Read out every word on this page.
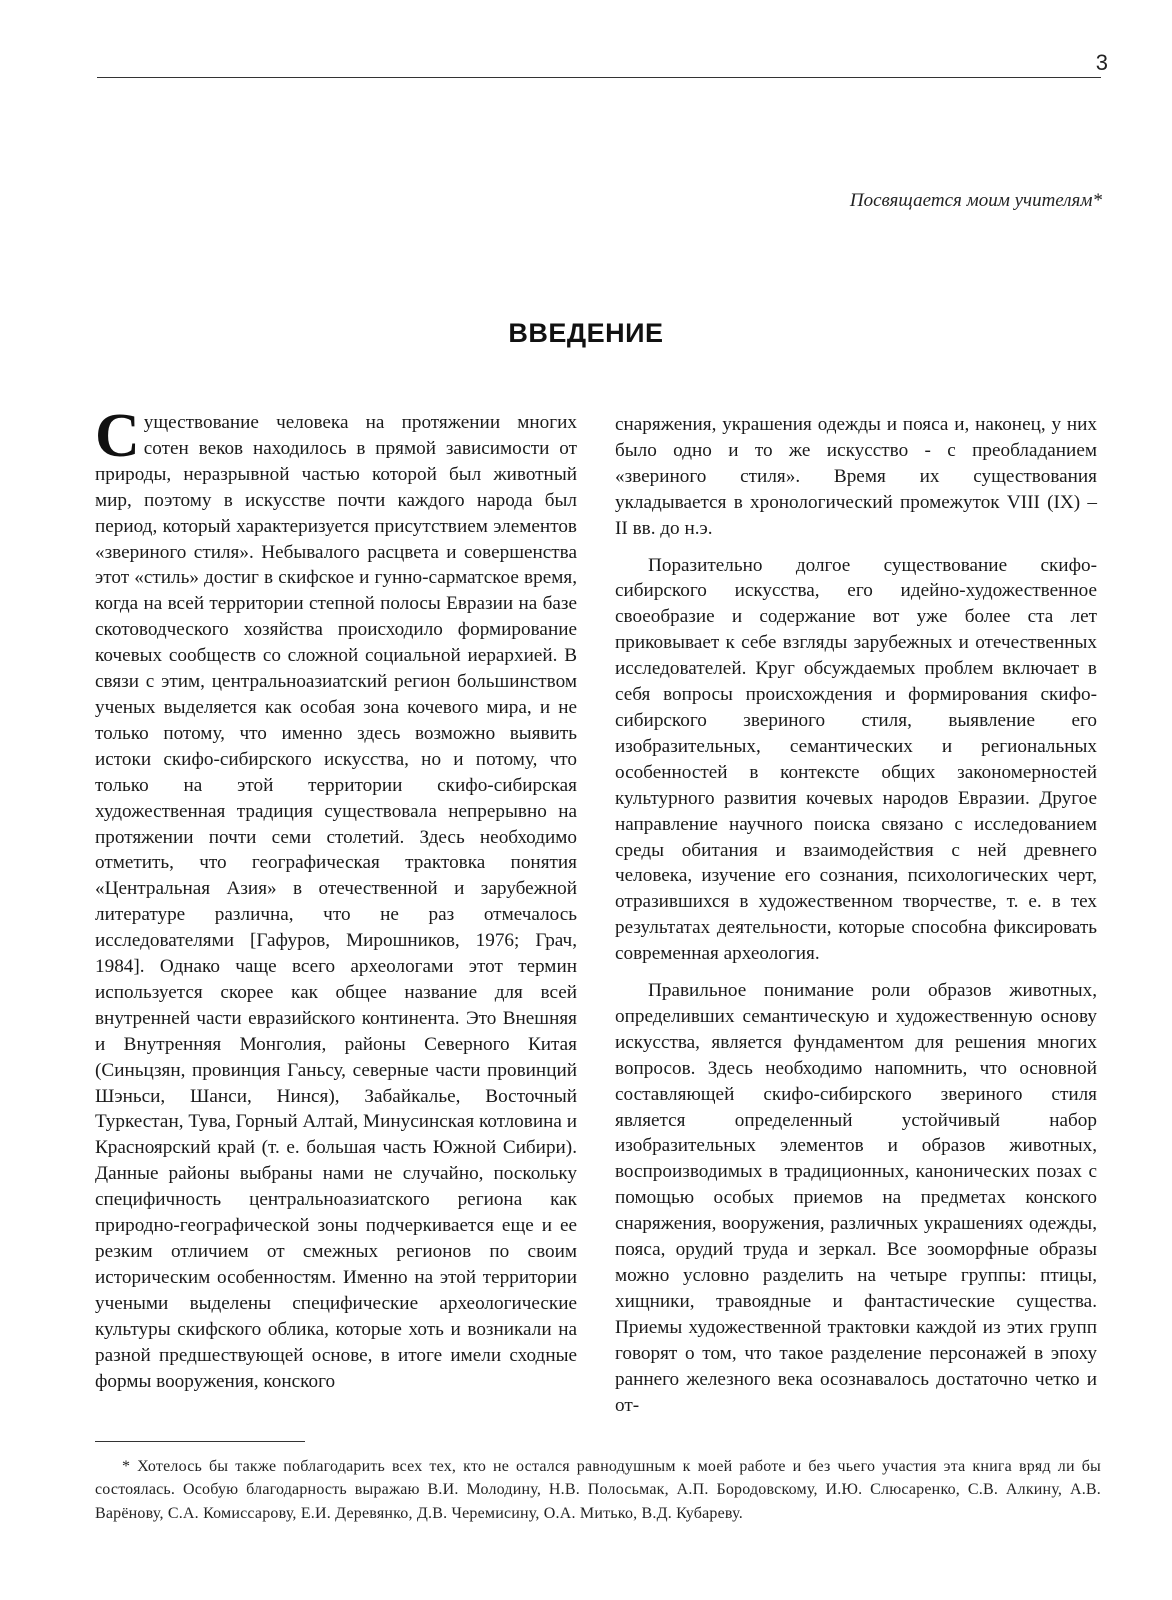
3
Посвящается моим учителям*
ВВЕДЕНИЕ

Существование человека на протяжении многих сотен веков находилось в прямой зависимости от природы, неразрывной частью которой был животный мир, поэтому в искусстве почти каждого народа был период, который характеризуется присутствием элементов «звериного стиля». Небывалого расцвета и совершенства этот «стиль» достиг в скифское и гунно-сарматское время, когда на всей территории степной полосы Евразии на базе скотоводческого хозяйства происходило формирование кочевых сообществ со сложной социальной иерархией. В связи с этим, центральноазиатский регион большинством ученых выделяется как особая зона кочевого мира, и не только потому, что именно здесь возможно выявить истоки скифо-сибирского искусства, но и потому, что только на этой территории скифо-сибирская художественная традиция существовала непрерывно на протяжении почти семи столетий. Здесь необходимо отметить, что географическая трактовка понятия «Центральная Азия» в отечественной и зарубежной литературе различна, что не раз отмечалось исследователями [Гафуров, Мирошников, 1976; Грач, 1984]. Однако чаще всего археологами этот термин используется скорее как общее название для всей внутренней части евразийского континента. Это Внешняя и Внутренняя Монголия, районы Северного Китая (Синьцзян, провинция Ганьсу, северные части провинций Шэньси, Шанси, Нинся), Забайкалье, Восточный Туркестан, Тува, Горный Алтай, Минусинская котловина и Красноярский край (т. е. большая часть Южной Сибири). Данные районы выбраны нами не случайно, поскольку специфичность центральноазиатского региона как природно-географической зоны подчеркивается еще и ее резким отличием от смежных регионов по своим историческим особенностям. Именно на этой территории учеными выделены специфические археологические культуры скифского облика, которые хоть и возникали на разной предшествующей основе, в итоге имели сходные формы вооружения, конского

снаряжения, украшения одежды и пояса и, наконец, у них было одно и то же искусство - с преобладанием «звериного стиля». Время их существования укладывается в хронологический промежуток VIII (IX) – II вв. до н.э.

Поразительно долгое существование скифо-сибирского искусства, его идейно-художественное своеобразие и содержание вот уже более ста лет приковывает к себе взгляды зарубежных и отечественных исследователей. Круг обсуждаемых проблем включает в себя вопросы происхождения и формирования скифо-сибирского звериного стиля, выявление его изобразительных, семантических и региональных особенностей в контексте общих закономерностей культурного развития кочевых народов Евразии. Другое направление научного поиска связано с исследованием среды обитания и взаимодействия с ней древнего человека, изучение его сознания, психологических черт, отразившихся в художественном творчестве, т. е. в тех результатах деятельности, которые способна фиксировать современная археология.

Правильное понимание роли образов животных, определивших семантическую и художественную основу искусства, является фундаментом для решения многих вопросов. Здесь необходимо напомнить, что основной составляющей скифо-сибирского звериного стиля является определенный устойчивый набор изобразительных элементов и образов животных, воспроизводимых в традиционных, канонических позах с помощью особых приемов на предметах конского снаряжения, вооружения, различных украшениях одежды, пояса, орудий труда и зеркал. Все зооморфные образы можно условно разделить на четыре группы: птицы, хищники, травоядные и фантастические существа. Приемы художественной трактовки каждой из этих групп говорят о том, что такое разделение персонажей в эпоху раннего железного века осознавалось достаточно четко и от-

* Хотелось бы также поблагодарить всех тех, кто не остался равнодушным к моей работе и без чьего участия эта книга вряд ли бы состоялась. Особую благодарность выражаю В.И. Молодину, Н.В. Полосьмак, А.П. Бородовскому, И.Ю. Слюсаренко, С.В. Алкину, А.В. Варёнову, С.А. Комиссарову, Е.И. Деревянко, Д.В. Черемисину, О.А. Митько, В.Д. Кубареву.
